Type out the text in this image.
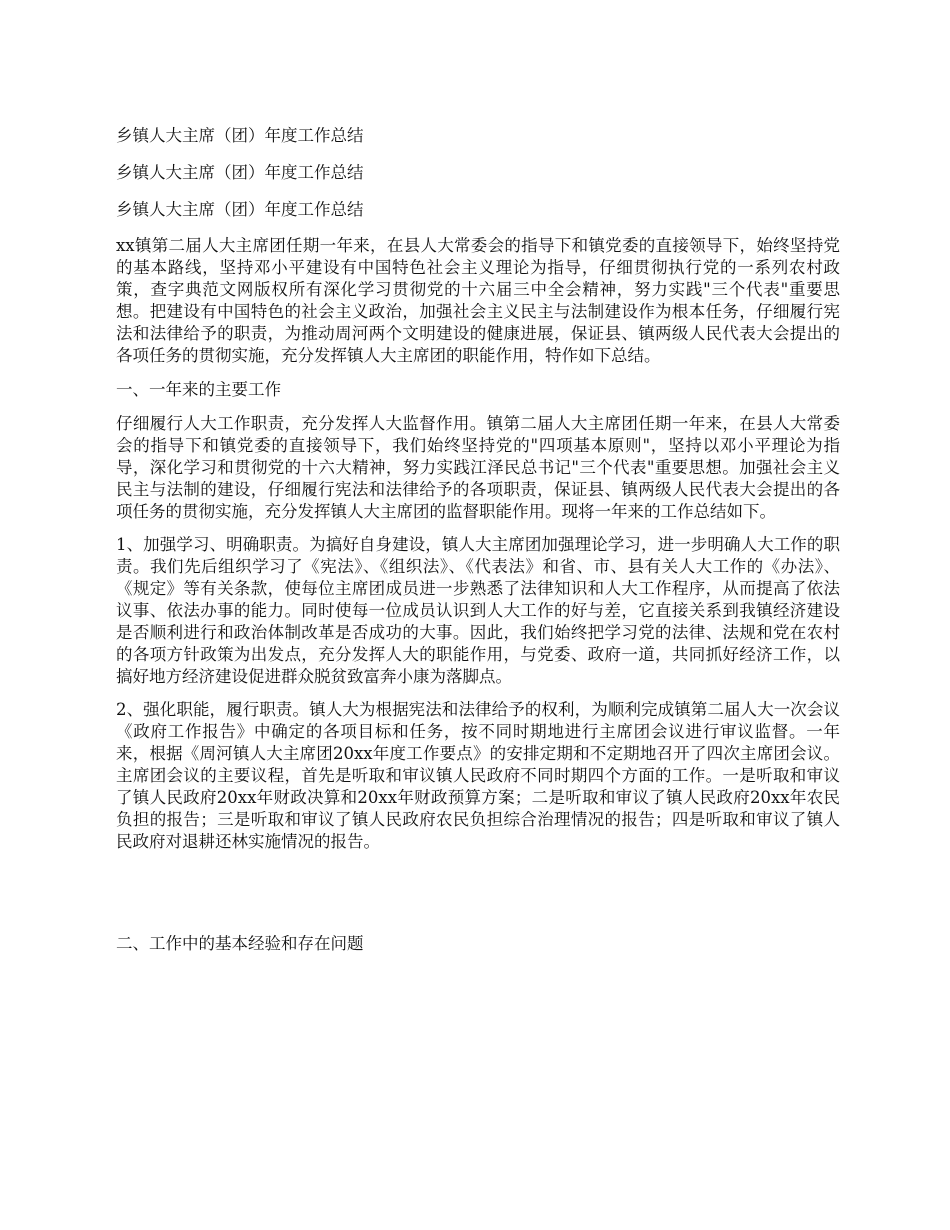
乡镇人大主席（团）年度工作总结
乡镇人大主席（团）年度工作总结
乡镇人大主席（团）年度工作总结

xx镇第二届人大主席团任期一年来，在县人大常委会的指导下和镇党委的直接领导下，始终坚持党的基本路线，坚持邓小平建设有中国特色社会主义理论为指导，仔细贯彻执行党的一系列农村政策，查字典范文网版权所有深化学习贯彻党的十六届三中全会精神，努力实践"三个代表"重要思想。把建设有中国特色的社会主义政治，加强社会主义民主与法制建设作为根本任务，仔细履行宪法和法律给予的职责，为推动周河两个文明建设的健康进展，保证县、镇两级人民代表大会提出的各项任务的贯彻实施，充分发挥镇人大主席团的职能作用，特作如下总结。

一、一年来的主要工作

仔细履行人大工作职责，充分发挥人大监督作用。镇第二届人大主席团任期一年来，在县人大常委会的指导下和镇党委的直接领导下，我们始终坚持党的"四项基本原则"，坚持以邓小平理论为指导，深化学习和贯彻党的十六大精神，努力实践江泽民总书记"三个代表"重要思想。加强社会主义民主与法制的建设，仔细履行宪法和法律给予的各项职责，保证县、镇两级人民代表大会提出的各项任务的贯彻实施，充分发挥镇人大主席团的监督职能作用。现将一年来的工作总结如下。

1、加强学习、明确职责。为搞好自身建设，镇人大主席团加强理论学习，进一步明确人大工作的职责。我们先后组织学习了《宪法》、《组织法》、《代表法》和省、市、县有关人大工作的《办法》、《规定》等有关条款，使每位主席团成员进一步熟悉了法律知识和人大工作程序，从而提高了依法议事、依法办事的能力。同时使每一位成员认识到人大工作的好与差，它直接关系到我镇经济建设是否顺利进行和政治体制改革是否成功的大事。因此，我们始终把学习党的法律、法规和党在农村的各项方针政策为出发点，充分发挥人大的职能作用，与党委、政府一道，共同抓好经济工作，以搞好地方经济建设促进群众脱贫致富奔小康为落脚点。

2、强化职能，履行职责。镇人大为根据宪法和法律给予的权利，为顺利完成镇第二届人大一次会议《政府工作报告》中确定的各项目标和任务，按不同时期地进行主席团会议进行审议监督。一年来，根据《周河镇人大主席团20xx年度工作要点》的安排定期和不定期地召开了四次主席团会议。主席团会议的主要议程，首先是听取和审议镇人民政府不同时期四个方面的工作。一是听取和审议了镇人民政府20xx年财政决算和20xx年财政预算方案；二是听取和审议了镇人民政府20xx年农民负担的报告；三是听取和审议了镇人民政府农民负担综合治理情况的报告；四是听取和审议了镇人民政府对退耕还林实施情况的报告。

二、工作中的基本经验和存在问题
